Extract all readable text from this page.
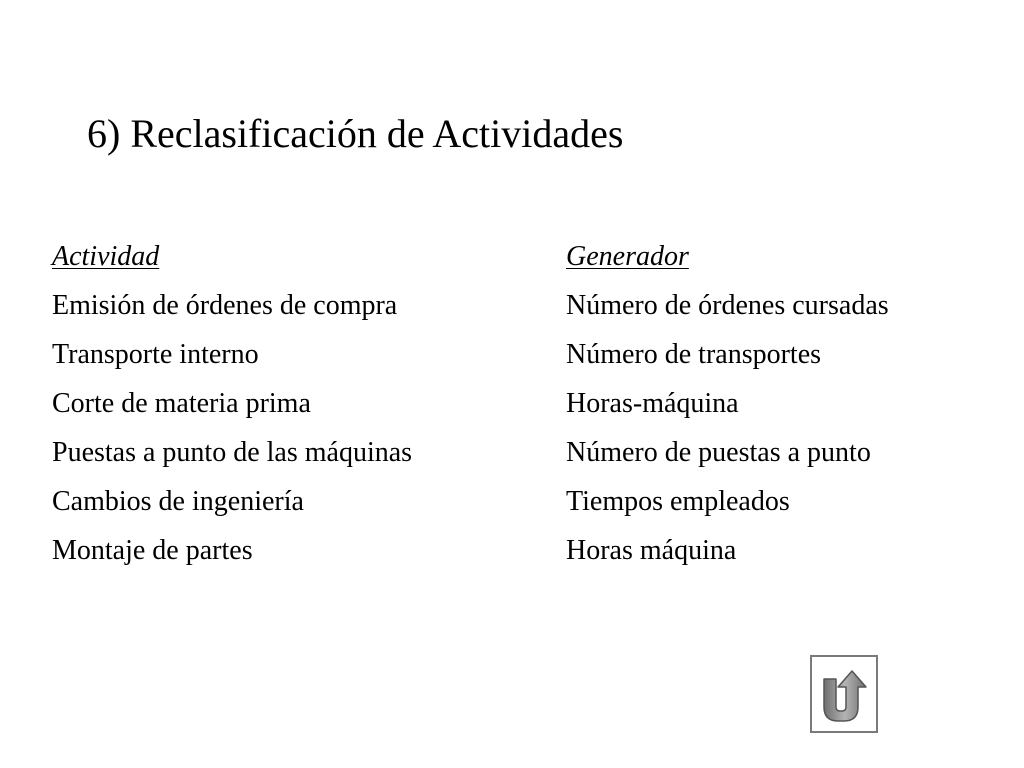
6) Reclasificación de Actividades
Actividad
Emisión de órdenes de compra
Transporte interno
Corte de materia prima
Puestas a punto de las máquinas
Cambios de ingeniería
Montaje de partes
Generador
Número de órdenes cursadas
Número de transportes
Horas-máquina
Número de puestas a punto
Tiempos empleados
Horas máquina
